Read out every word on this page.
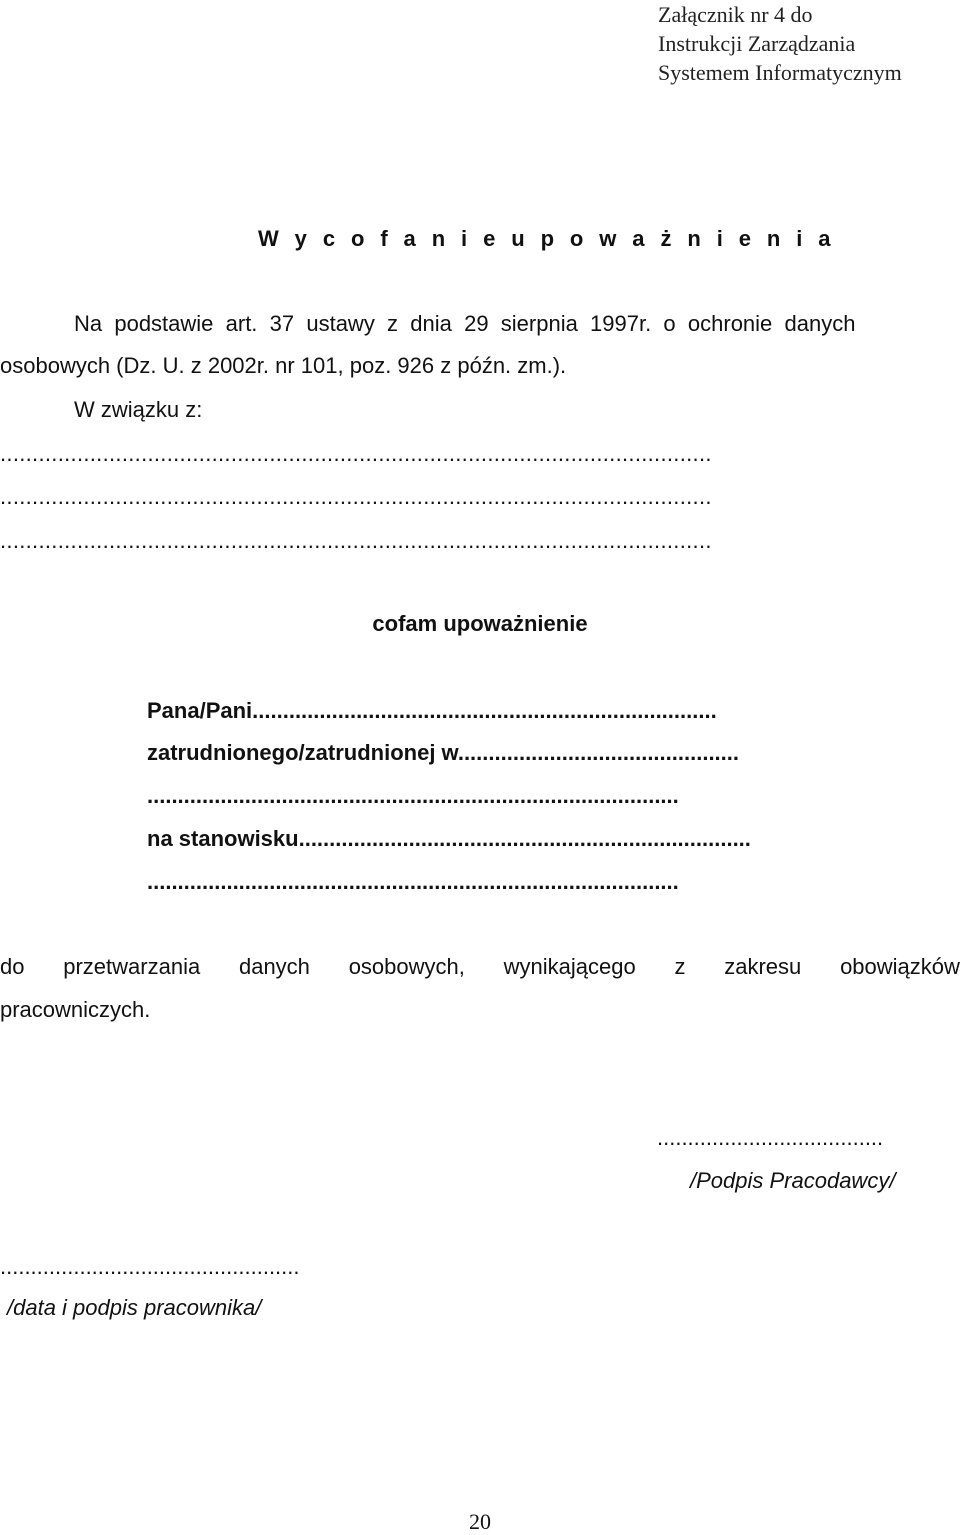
Załącznik nr 4 do
Instrukcji Zarządzania
Systemem Informatycznym
W y c o f a n i e u p o w a ż n i e n i a
Na  podstawie  art.  37  ustawy  z  dnia  29  sierpnia  1997r.  o  ochronie  danych
osobowych (Dz. U. z 2002r. nr 101, poz. 926 z późn. zm.).
W związku z:
...............................................................................................................
...............................................................................................................
...............................................................................................................
cofam upoważnienie
Pana/Pani............................................................................
zatrudnionego/zatrudnionej w..............................................
.......................................................................................
na stanowisku..........................................................................
.......................................................................................
do przetwarzania danych osobowych, wynikającego z zakresu obowiązków
pracowniczych.
.....................................
/Podpis Pracodawcy/
.................................................
/data i podpis pracownika/
20
